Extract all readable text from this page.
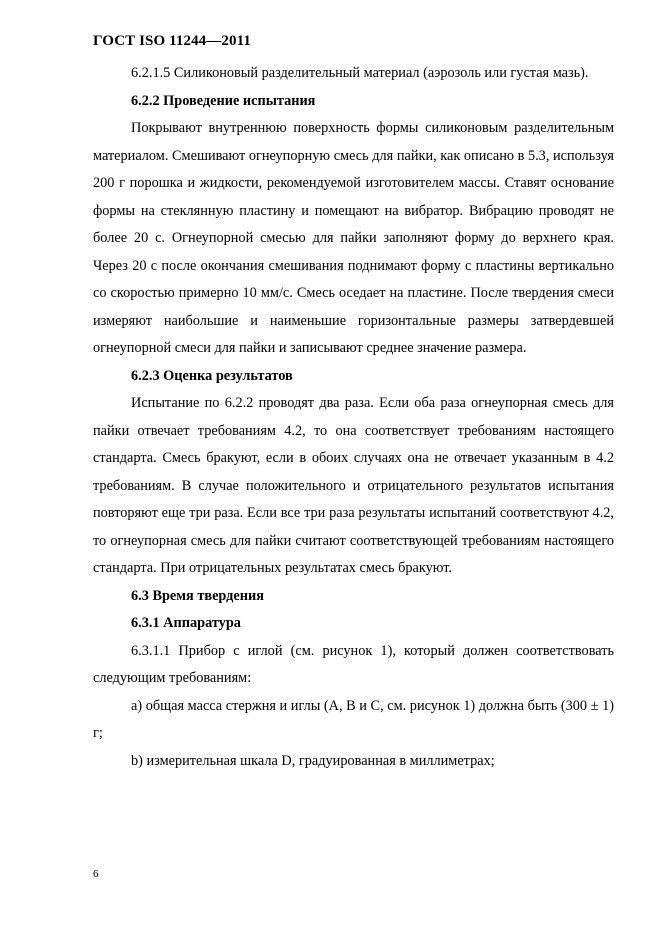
ГОСТ ISO 11244—2011

6.2.1.5 Силиконовый разделительный материал (аэрозоль или густая мазь).

6.2.2 Проведение испытания

Покрывают внутреннюю поверхность формы силиконовым разделительным материалом. Смешивают огнеупорную смесь для пайки, как описано в 5.3, используя 200 г порошка и жидкости, рекомендуемой изготовителем массы. Ставят основание формы на стеклянную пластину и помещают на вибратор. Вибрацию проводят не более 20 с. Огнеупорной смесью для пайки заполняют форму до верхнего края. Через 20 с после окончания смешивания поднимают форму с пластины вертикально со скоростью примерно 10 мм/с. Смесь оседает на пластине. После твердения смеси измеряют наибольшие и наименьшие горизонтальные размеры затвердевшей огнеупорной смеси для пайки и записывают среднее значение размера.

6.2.3 Оценка результатов

Испытание по 6.2.2 проводят два раза. Если оба раза огнеупорная смесь для пайки отвечает требованиям 4.2, то она соответствует требованиям настоящего стандарта. Смесь бракуют, если в обоих случаях она не отвечает указанным в 4.2 требованиям. В случае положительного и отрицательного результатов испытания повторяют еще три раза. Если все три раза результаты испытаний соответствуют 4.2, то огнеупорная смесь для пайки считают соответствующей требованиям настоящего стандарта. При отрицательных результатах смесь бракуют.

6.3 Время твердения

6.3.1 Аппаратура

6.3.1.1 Прибор с иглой (см. рисунок 1), который должен соответствовать следующим требованиям:

а) общая масса стержня и иглы (А, В и С, см. рисунок 1) должна быть (300 ± 1) г;

b) измерительная шкала D, градуированная в миллиметрах;

6
